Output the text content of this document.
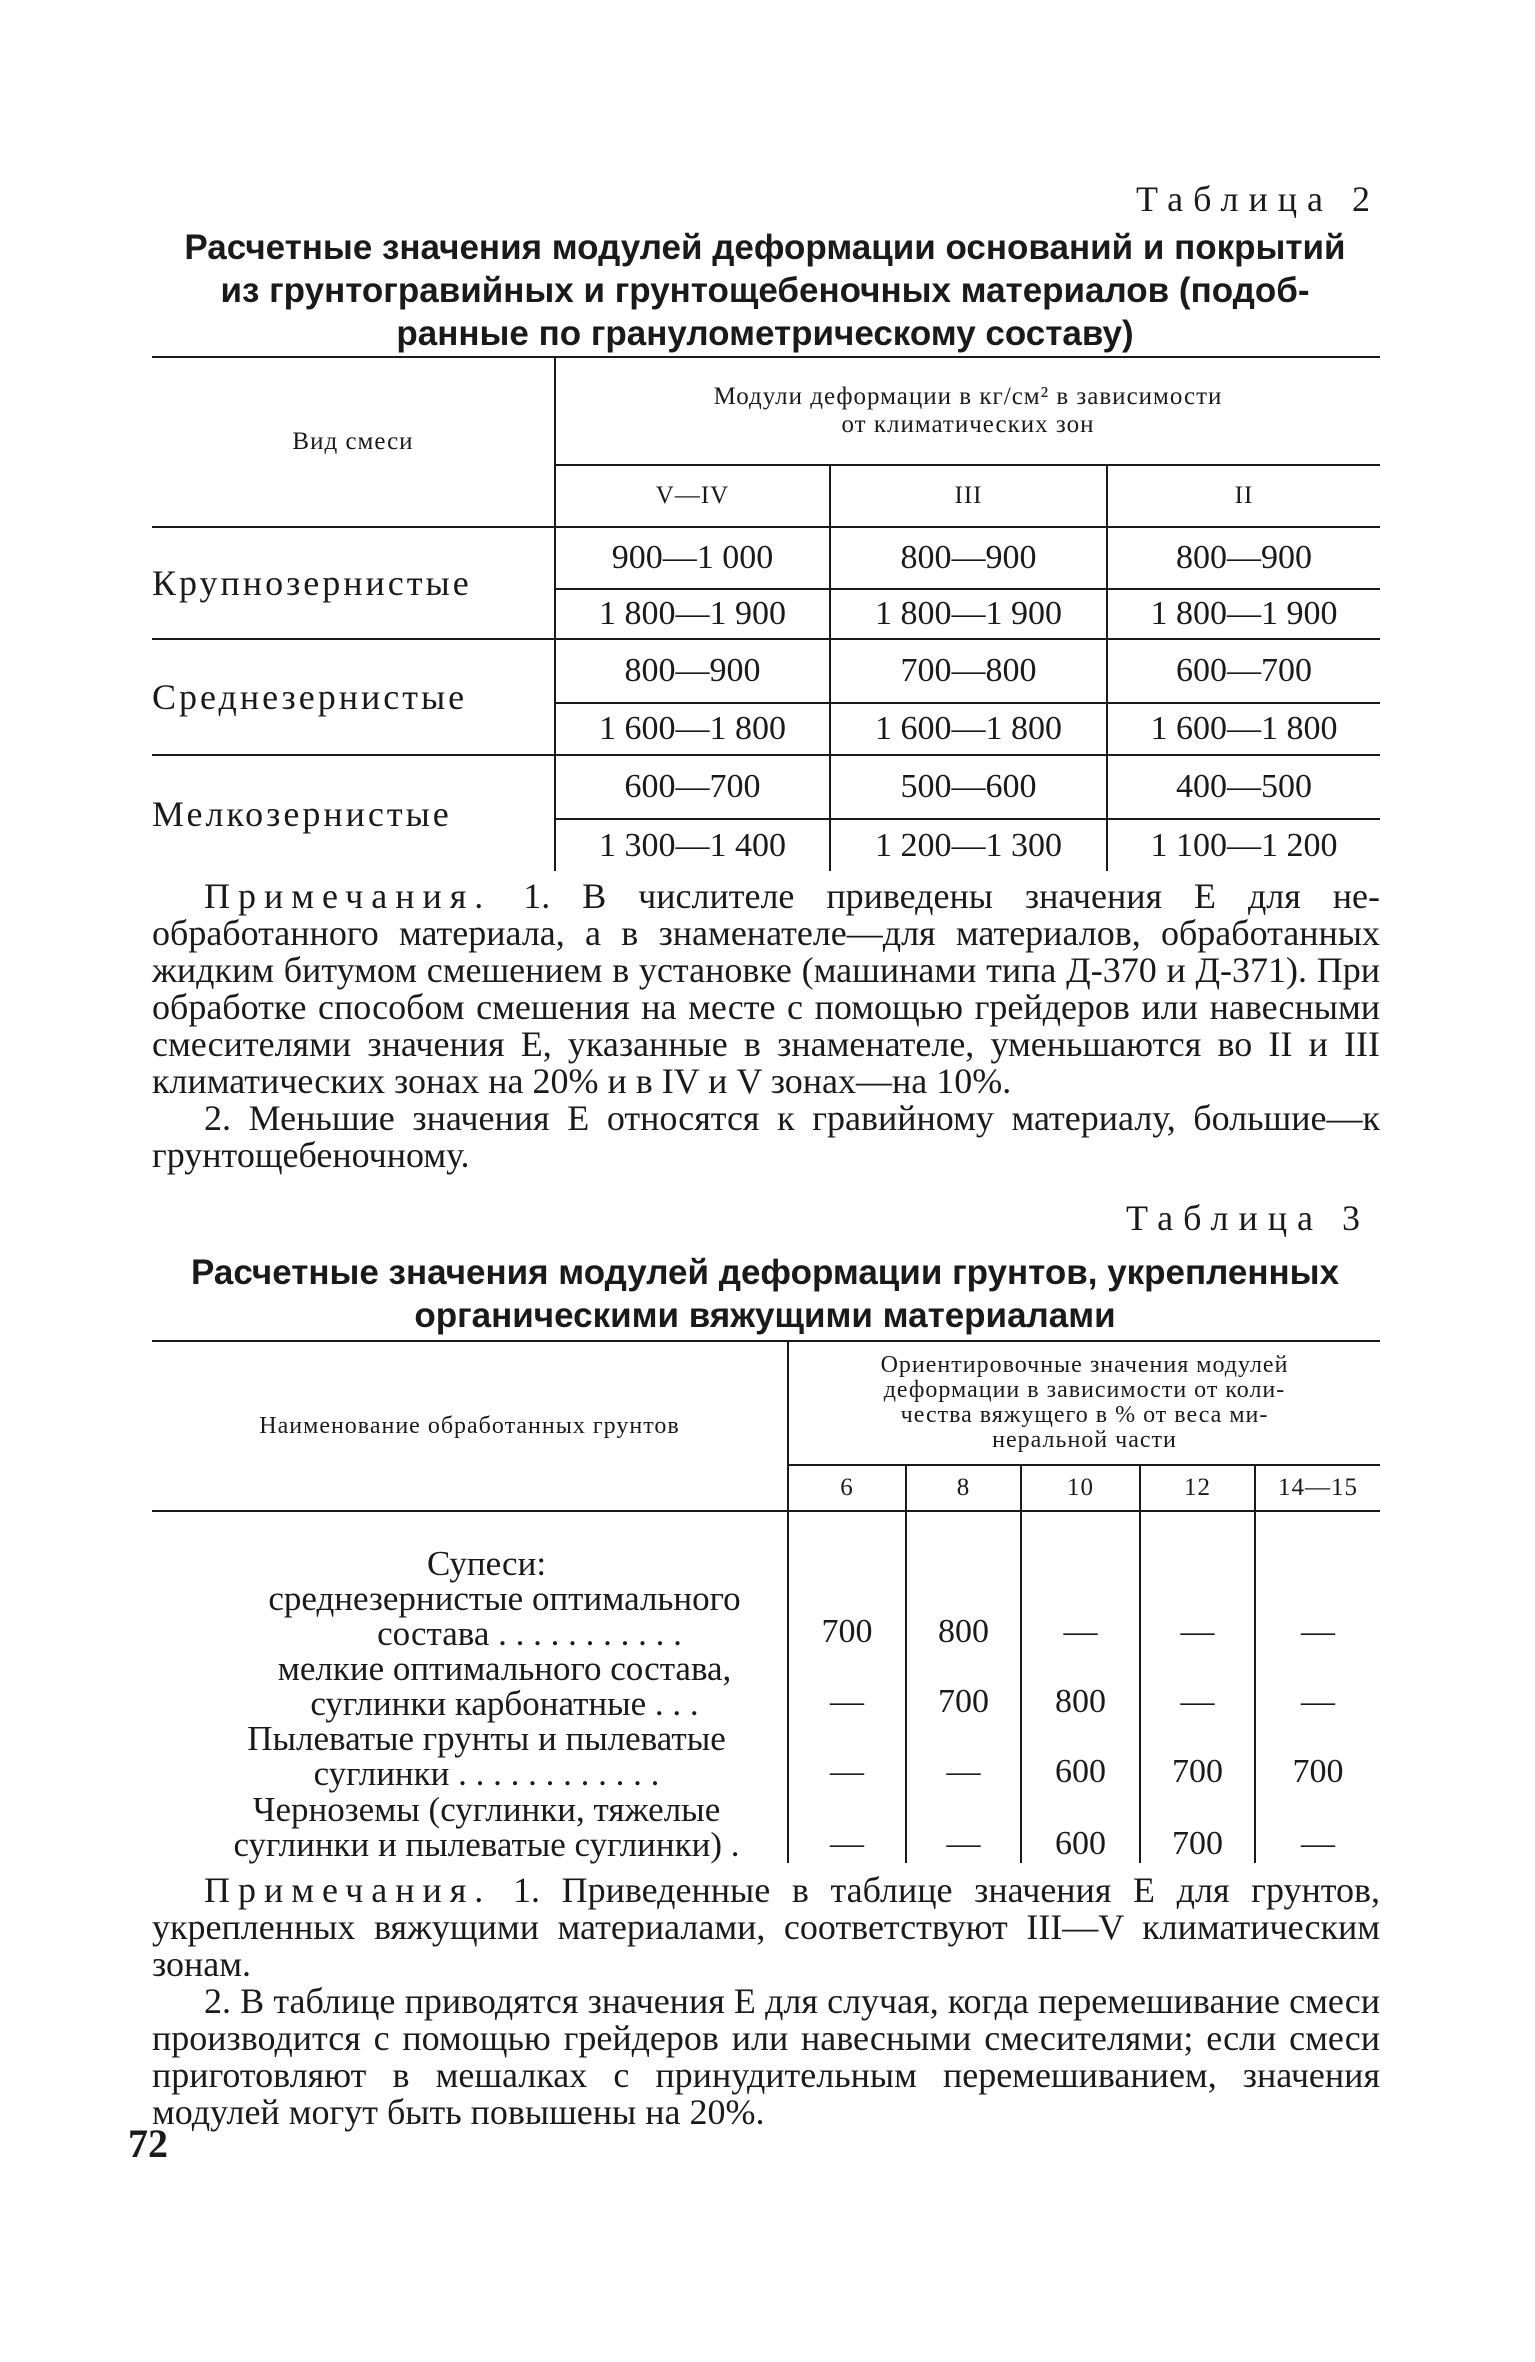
Таблица 2
Расчетные значения модулей деформации оснований и покрытий
из грунтогравийных и грунтощебеночных материалов (подоб-
ранные по гранулометрическому составу)
Вид смеси	Модули деформации в кг/см² в зависимости
от климатических зон		

	V—IV	III	II
Крупнозернистые	900—1 000	800—900	800—900
	1 800—1 900	1 800—1 900	1 800—1 900
Среднезернистые	800—900	700—800	600—700
	1 600—1 800	1 600—1 800	1 600—1 800
Мелкозернистые	600—700	500—600	400—500
	1 300—1 400	1 200—1 300	1 100—1 200
Примечания. 1. В числителе приведены значения E для необработанного материала, а в знаменателе—для материалов, обработанных жидким битумом смешением в установке (машинами типа Д-370 и Д-371). При обработке способом смешения на месте с помощью грейдеров или навесными смесителями значения E, указанные в знаменателе, уменьшаются во II и III климатических зонах на 20% и в IV и V зонах—на 10%.
2. Меньшие значения E относятся к гравийному материалу, большие—к грунтощебеночному.
Таблица 3
Расчетные значения модулей деформации грунтов, укрепленных
органическими вяжущими материалами
Наименование обработанных грунтов	Ориентировочные значения модулей
деформации в зависимости от коли-
чества вяжущего в % от веса ми-
неральной части				

	6	8	10	12	14—15
Супеси:					

среднезернистые оптимального
состава . . . . . . . . . . .	700	800	—	—	—

мелкие оптимального состава,
суглинки карбонатные . . .	—	700	800	—	—

Пылеватые грунты и пылеватые
суглинки . . . . . . . . . . . .	—	—	600	700	700

Черноземы (суглинки, тяжелые
суглинки и пылеватые суглинки) .	—	—	600	700	—
Примечания. 1. Приведенные в таблице значения E для грунтов, укрепленных вяжущими материалами, соответствуют III—V климатическим зонам.
2. В таблице приводятся значения E для случая, когда перемешивание смеси производится с помощью грейдеров или навесными смесителями; если смеси приготовляют в мешалках с принудительным перемешиванием, значения модулей могут быть повышены на 20%.
72
